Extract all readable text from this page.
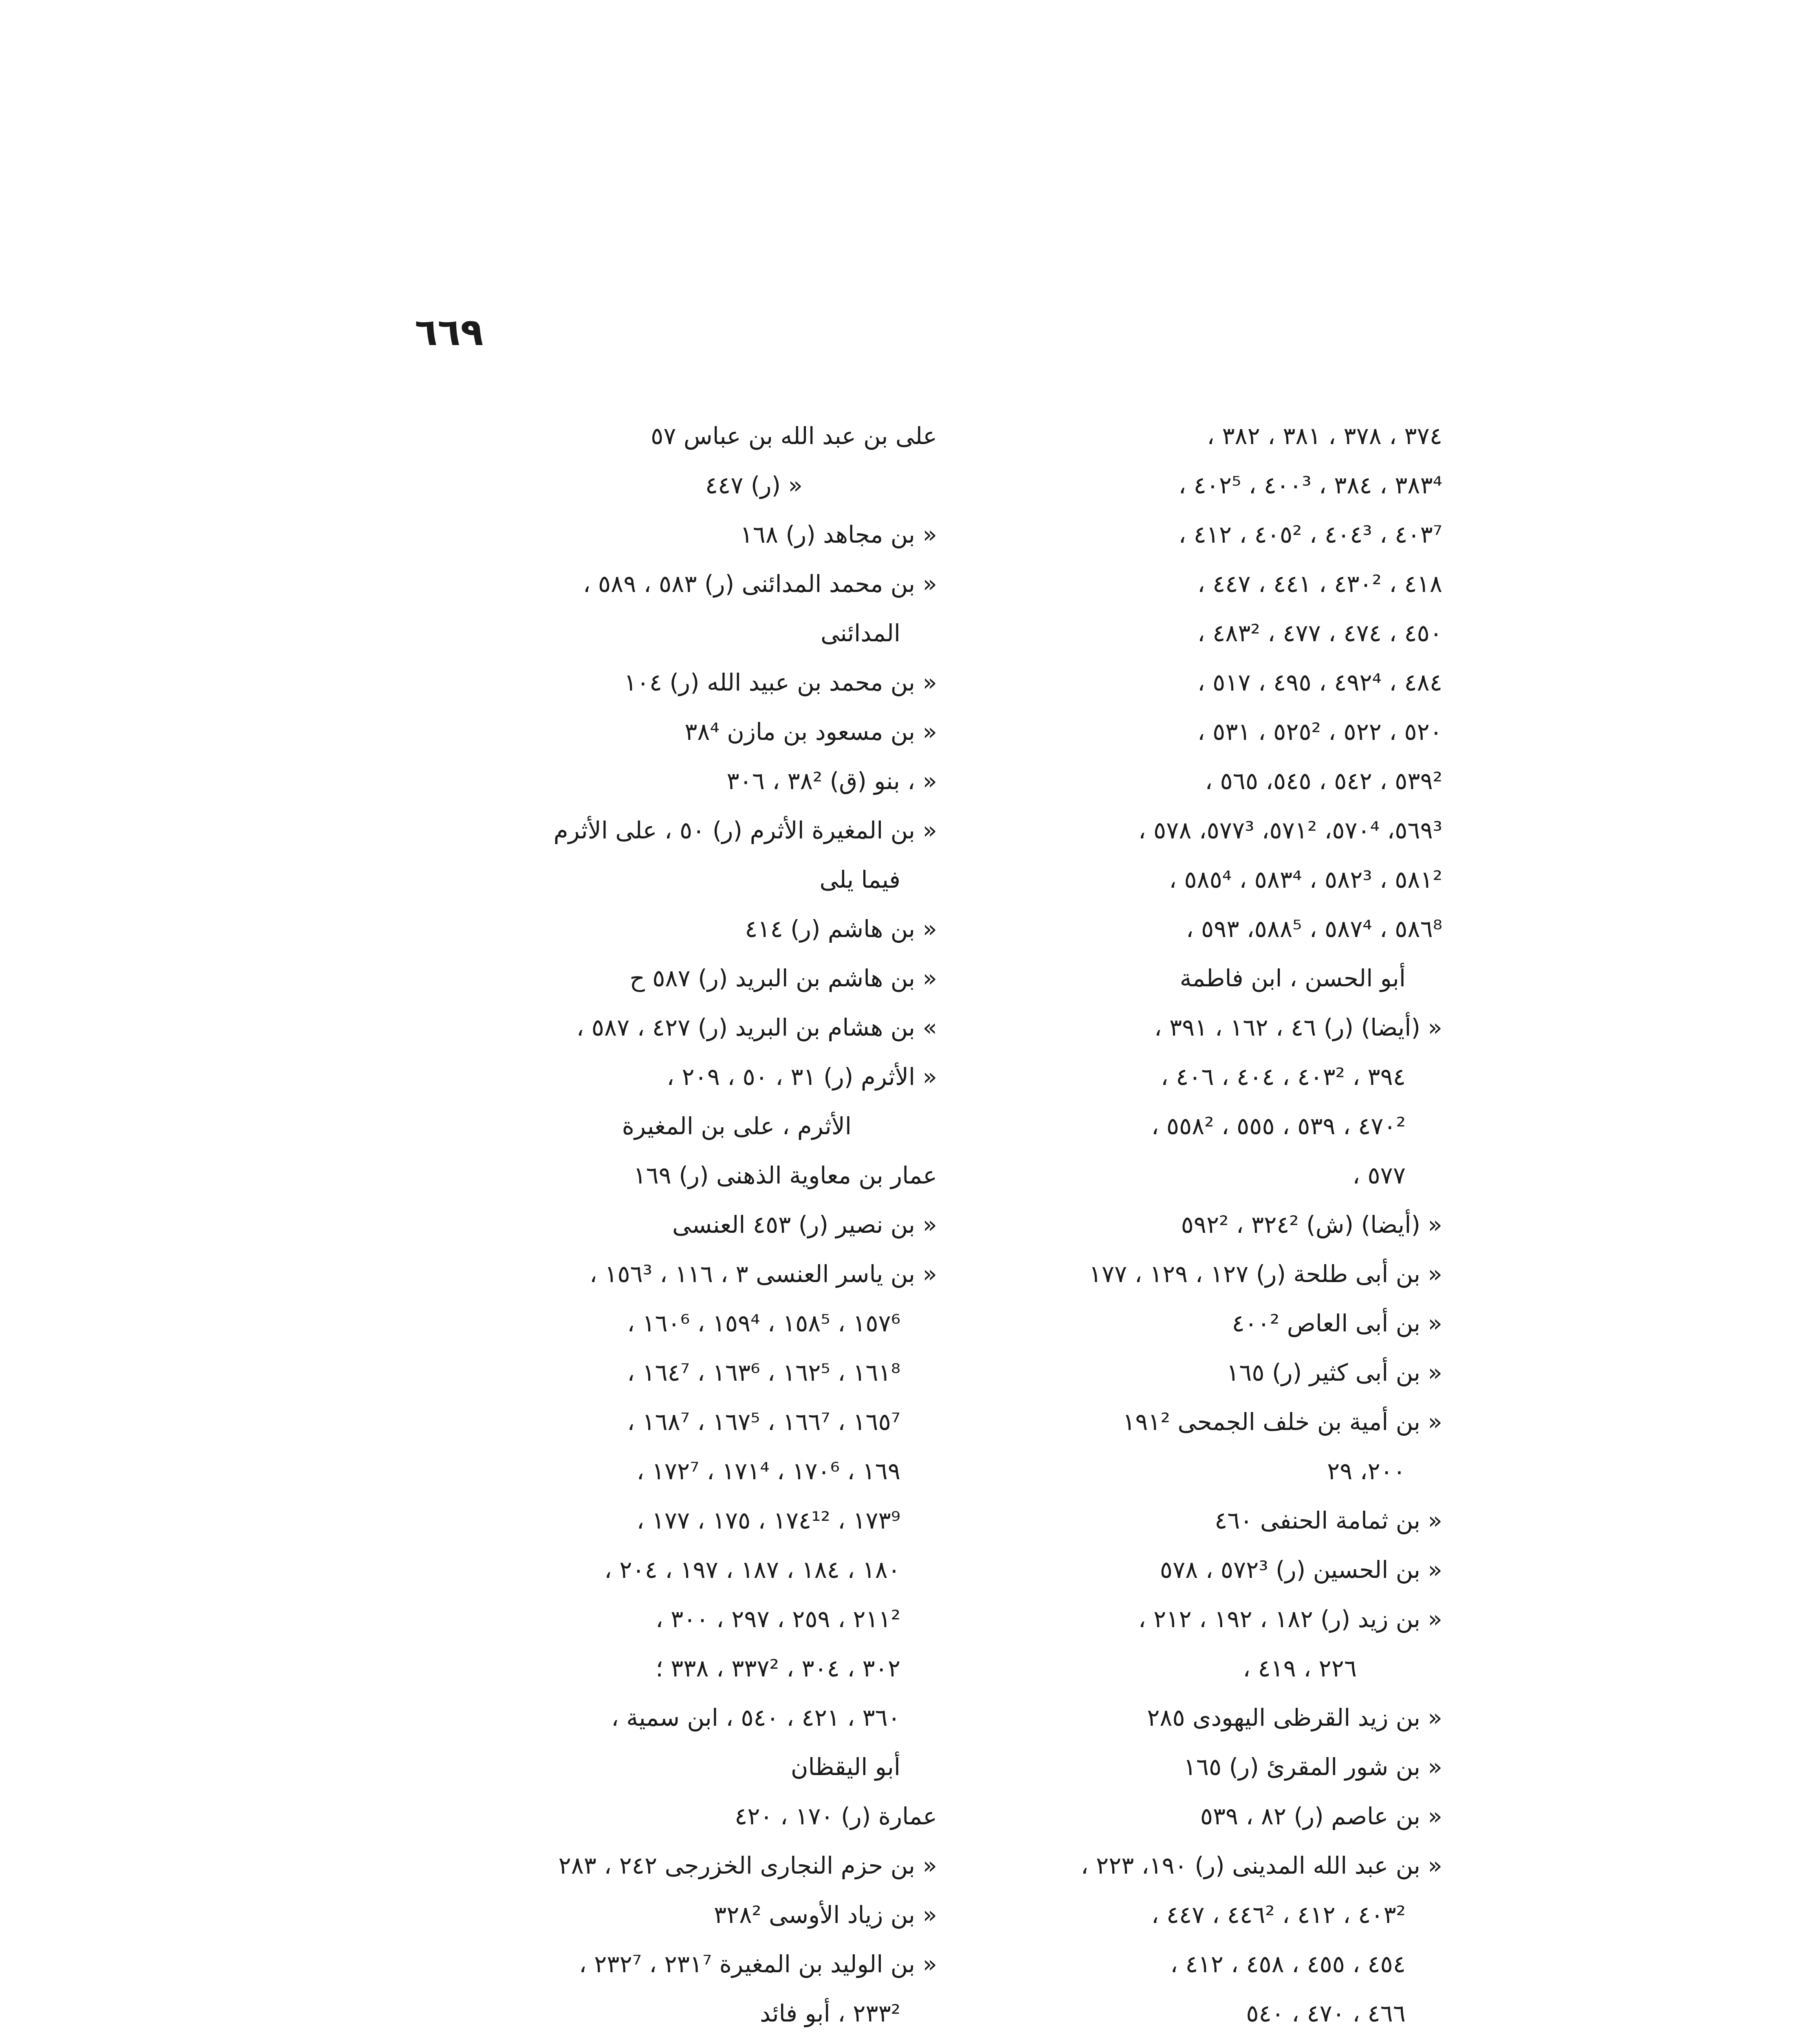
٦٦٩
٣٧٤ ، ٣٧٨ ، ٣٨١ ، ٣٨٢ ،
٣٨٣⁴ ، ٣٨٤ ، ٤٠٠³ ، ٤٠٢⁵ ،
٤٠٣⁷ ، ٤٠٤³ ، ٤٠٥² ، ٤١٢ ،
٤١٨ ، ٤٣٠² ، ٤٤١ ، ٤٤٧ ،
٤٥٠ ، ٤٧٤ ، ٤٧٧ ، ٤٨٣² ،
٤٨٤ ، ٤٩٢⁴ ، ٤٩٥ ، ٥١٧ ،
٥٢٠ ، ٥٢٢ ، ٥٢٥² ، ٥٣١ ،
٥٣٩² ، ٥٤٢ ، ٥٤٥، ٥٦٥ ،
٥٦٩³، ٥٧٠⁴، ٥٧١²، ٥٧٧³، ٥٧٨ ،
٥٨١² ، ٥٨٢³ ، ٥٨٣⁴ ، ٥٨٥⁴ ،
٥٨٦⁸ ، ٥٨٧⁴ ، ٥٨٨⁵، ٥٩٣ ،
أبو الحسن ، ابن فاطمة
« (أيضا) (ر) ٤٦ ، ١٦٢ ، ٣٩١ ،
٣٩٤ ، ٤٠٣² ، ٤٠٤ ، ٤٠٦ ،
٤٧٠² ، ٥٣٩ ، ٥٥٥ ، ٥٥٨² ،
٥٧٧ ،
« (أيضا) (ش) ٣٢٤² ، ٥٩٢²
« بن أبى طلحة (ر) ١٢٧ ، ١٢٩ ، ١٧٧
« بن أبى العاص ٤٠٠²
« بن أبى كثير (ر) ١٦٥
« بن أمية بن خلف الجمحى ١٩١²
٢٠٠، ٢٩
« بن ثمامة الحنفى ٤٦٠
« بن الحسين (ر) ٥٧٢³ ، ٥٧٨
« بن زيد (ر) ١٨٢ ، ١٩٢ ، ٢١٢ ،
٢٢٦ ، ٤١٩ ،
« بن زيد القرظى اليهودى ٢٨٥
« بن شور المقرئ (ر) ١٦٥
« بن عاصم (ر) ٨٢ ، ٥٣٩
« بن عبد الله المدينى (ر) ١٩٠، ٢٢٣ ،
٤٠٣² ، ٤١٢ ، ٤٤٦² ، ٤٤٧ ،
٤٥٤ ، ٤٥٥ ، ٤٥٨ ، ٤١٢ ،
٤٦٦ ، ٤٧٠ ، ٥٤٠
على بن عبد الله بن عباس ٥٧
« (ر) ٤٤٧
« بن مجاهد (ر) ١٦٨
« بن محمد المدائنى (ر) ٥٨٣ ، ٥٨٩ ،
المدائنى
« بن محمد بن عبيد الله (ر) ١٠٤
« بن مسعود بن مازن ٣٨⁴
« ، بنو (ق) ٣٨² ، ٣٠٦
« بن المغيرة الأثرم (ر) ٥٠ ، على الأثرم
فيما يلى
« بن هاشم (ر) ٤١٤
« بن هاشم بن البريد (ر) ٥٨٧ ح
» بن هشام بن البريد (ر) ٤٢٧ ، ٥٨٧ ،
« الأثرم (ر) ٣١ ، ٥٠ ، ٢٠٩ ،
الأثرم ، على بن المغيرة
عمار بن معاوية الذهنى (ر) ١٦٩
« بن نصير (ر) ٤٥٣ العنسى
« بن ياسر العنسى ٣ ، ١١٦ ، ١٥٦³ ،
١٥٧⁶ ، ١٥٨⁵ ، ١٥٩⁴ ، ١٦٠⁶ ،
١٦١⁸ ، ١٦٢⁵ ، ١٦٣⁶ ، ١٦٤⁷ ،
١٦٥⁷ ، ١٦٦⁷ ، ١٦٧⁵ ، ١٦٨⁷ ،
١٦٩ ، ١٧٠⁶ ، ١٧١⁴ ، ١٧٢⁷ ،
١٧٣⁹ ، ١٧٤¹² ، ١٧٥ ، ١٧٧ ،
١٨٠ ، ١٨٤ ، ١٨٧ ، ١٩٧ ، ٢٠٤ ،
٢١١² ، ٢٥٩ ، ٢٩٧ ، ٣٠٠ ،
٣٠٢ ، ٣٠٤ ، ٣٣٧² ، ٣٣٨ ؛
٣٦٠ ، ٤٢١ ، ٥٤٠ ، ابن سمية ،
أبو اليقظان
عمارة (ر) ١٧٠ ، ٤٢٠
« بن حزم النجارى الخزرجى ٢٤٢ ، ٢٨٣
« بن زياد الأوسى ٣٢٨²
« بن الوليد بن المغيرة ٢٣١⁷ ، ٢٣٢⁷ ،
٢٣٣² ، أبو فائد
